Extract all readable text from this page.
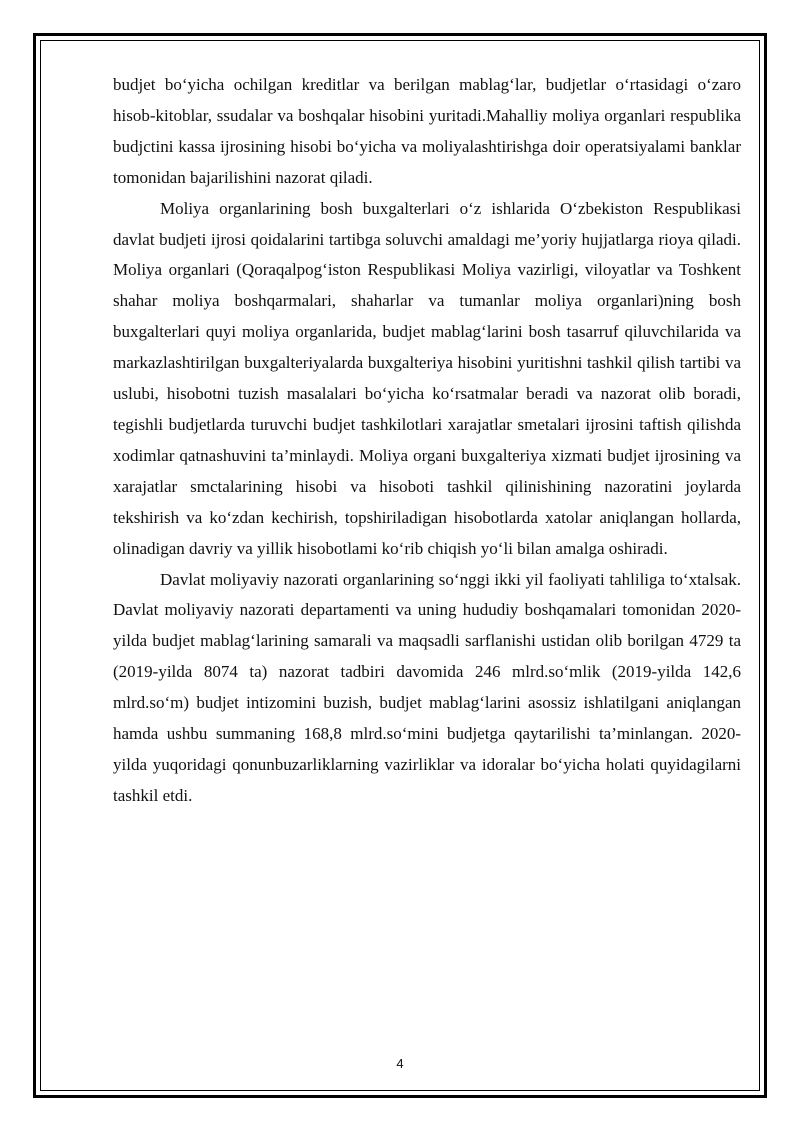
budjet bo‘yicha ochilgan kreditlar va berilgan mablag‘lar, budjetlar o‘rtasidagi o‘zaro hisob-kitoblar, ssudalar va boshqalar hisobini yuritadi.Mahalliy moliya organlari respublika budjctini kassa ijrosining hisobi bo‘yicha va moliyalashtirishga doir operatsiyalami banklar tomonidan bajarilishini nazorat qiladi.

Moliya organlarining bosh buxgalterlari o‘z ishlarida O‘zbekiston Respublikasi davlat budjeti ijrosi qoidalarini tartibga soluvchi amaldagi me’yoriy hujjatlarga rioya qiladi. Moliya organlari (Qoraqalpog‘iston Respublikasi Moliya vazirligi, viloyatlar va Toshkent shahar moliya boshqarmalari, shaharlar va tumanlar moliya organlari)ning bosh buxgalterlari quyi moliya organlarida, budjet mablag‘larini bosh tasarruf qiluvchilarida va markazlashtirilgan buxgalteriyalarda buxgalteriya hisobini yuritishni tashkil qilish tartibi va uslubi, hisobotni tuzish masalalari bo‘yicha ko‘rsatmalar beradi va nazorat olib boradi, tegishli budjetlarda turuvchi budjet tashkilotlari xarajatlar smetalari ijrosini taftish qilishda xodimlar qatnashuvini ta’minlaydi. Moliya organi buxgalteriya xizmati budjet ijrosining va xarajatlar smctalarining hisobi va hisoboti tashkil qilinishining nazoratini joylarda tekshirish va ko‘zdan kechirish, topshiriladigan hisobotlarda xatolar aniqlangan hollarda, olinadigan davriy va yillik hisobotlami ko‘rib chiqish yo‘li bilan amalga oshiradi.

Davlat moliyaviy nazorati organlarining so‘nggi ikki yil faoliyati tahliliga to‘xtalsak. Davlat moliyaviy nazorati departamenti va uning hududiy boshqamalari tomonidan 2020- yilda budjet mablag‘larining samarali va maqsadli sarflanishi ustidan olib borilgan 4729 ta (2019-yilda 8074 ta) nazorat tadbiri davomida 246 mlrd.so‘mlik (2019-yilda 142,6 mlrd.so‘m) budjet intizomini buzish, budjet mablag‘larini asossiz ishlatilgani aniqlangan hamda ushbu summaning 168,8 mlrd.so‘mini budjetga qaytarilishi ta’minlangan. 2020- yilda yuqoridagi qonunbuzarliklarning vazirliklar va idoralar bo‘yicha holati quyidagilarni tashkil etdi.

4
